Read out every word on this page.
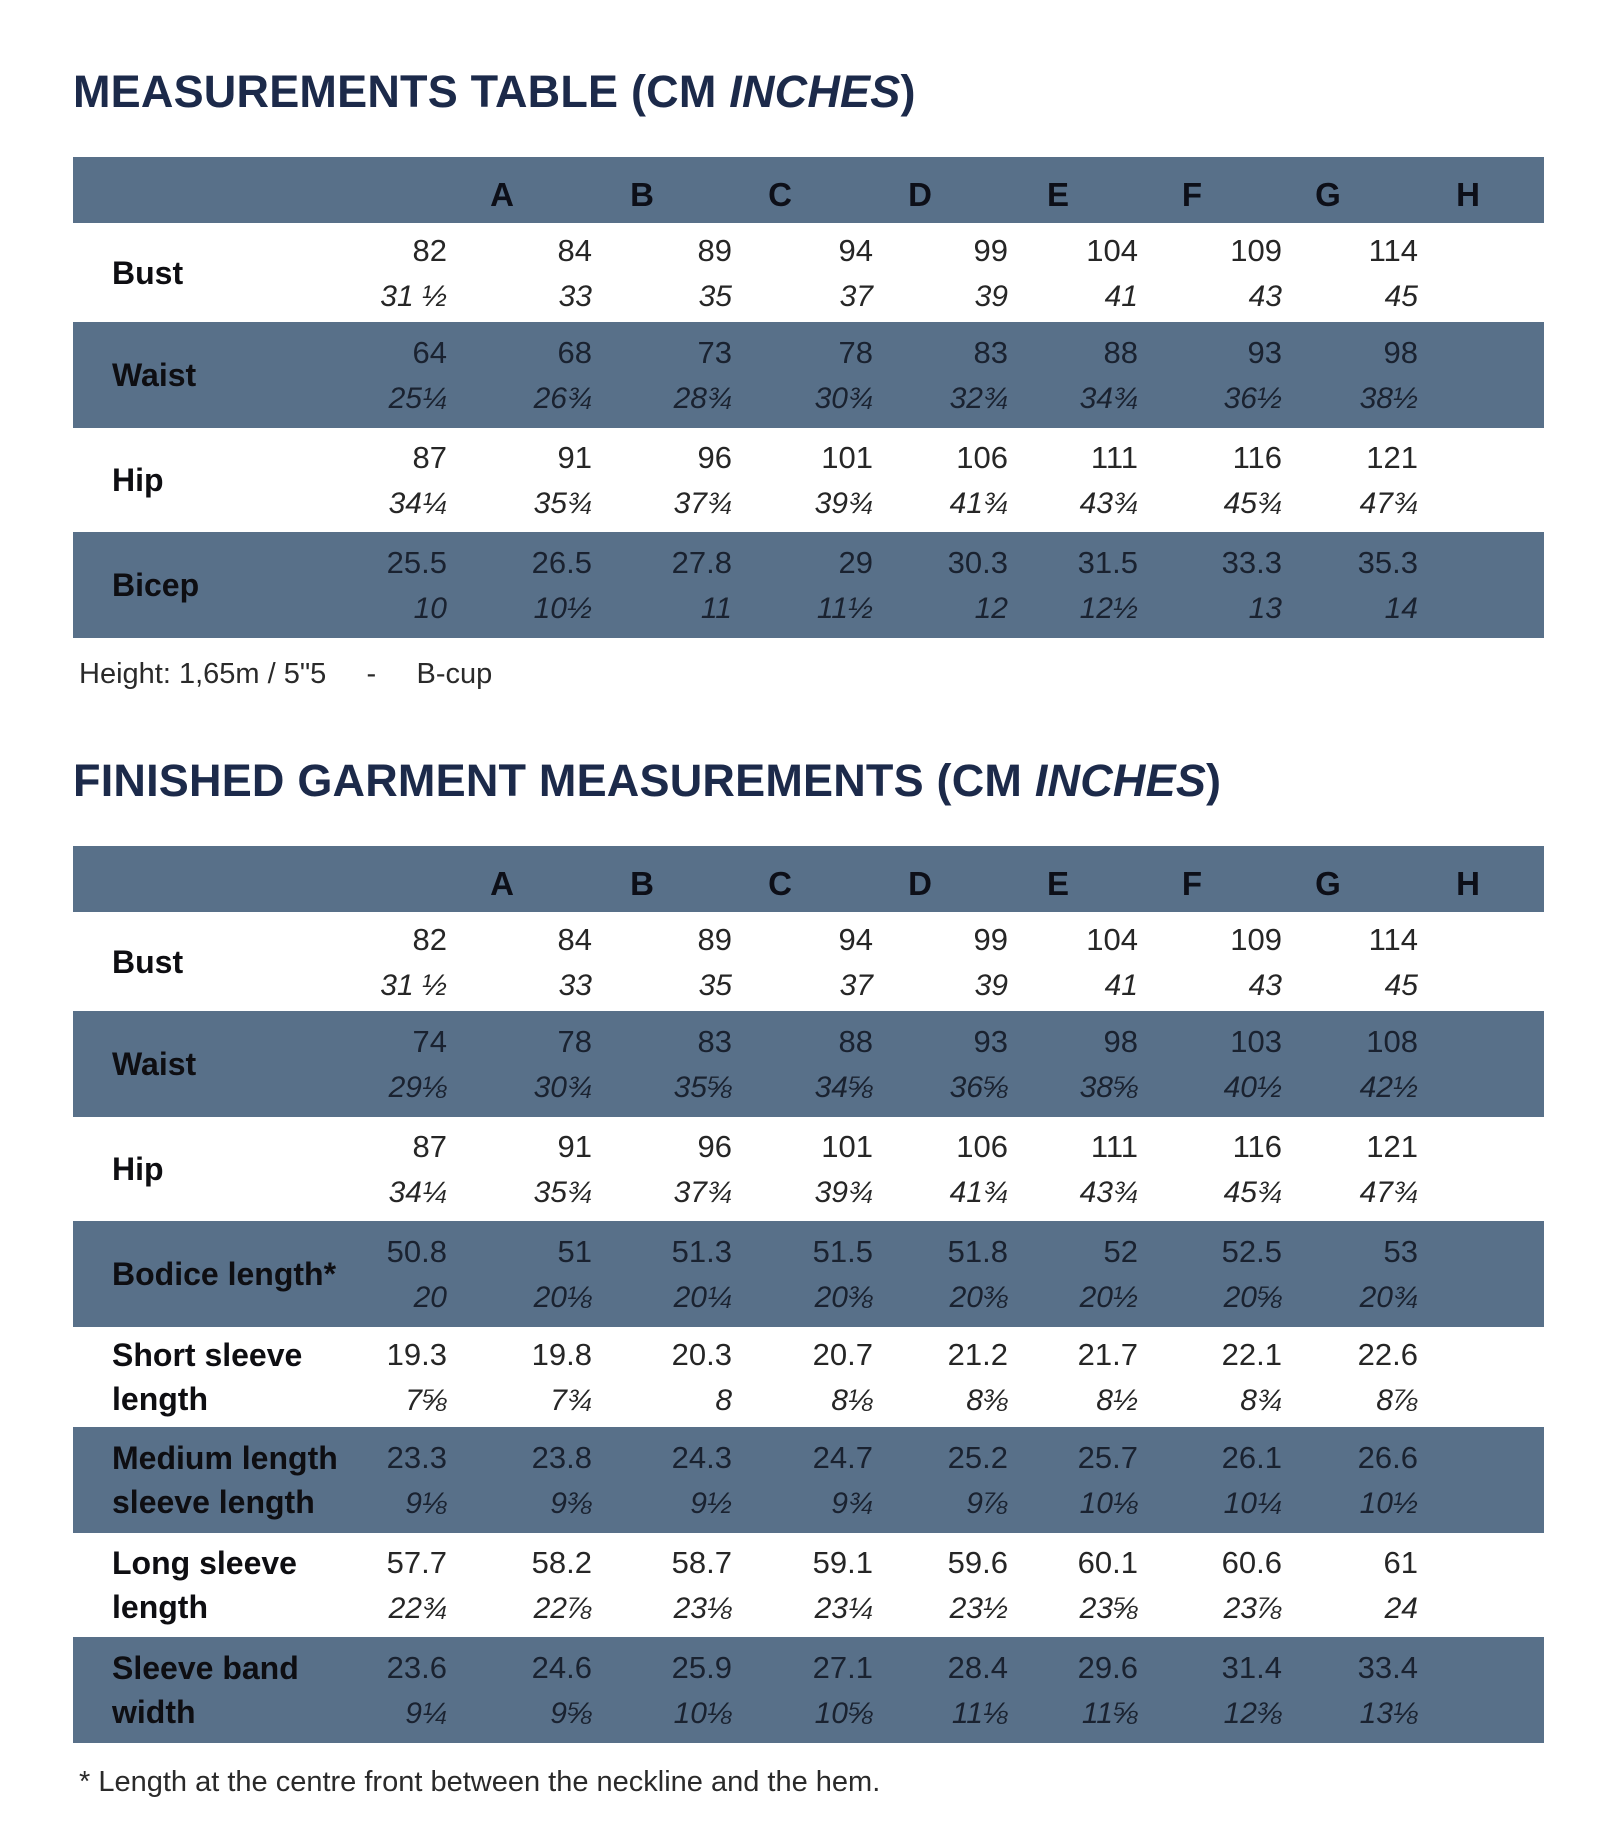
MEASUREMENTS TABLE (CM INCHES)
A	B	C	D	E	F	G	H
Bust
82	84	89	94	99	104	109	114
31 ½	33	35	37	39	41	43	45
Waist
64	68	73	78	83	88	93	98
25¼	26¾	28¾	30¾	32¾	34¾	36½	38½
Hip
87	91	96	101	106	111	116	121
34¼	35¾	37¾	39¾	41¾	43¾	45¾	47¾
Bicep
25.5	26.5	27.8	29	30.3	31.5	33.3	35.3
10	10½	11	11½	12	12½	13	14

Height: 1,65m / 5"5     -     B-cup

FINISHED GARMENT MEASUREMENTS (CM INCHES)
A	B	C	D	E	F	G	H
Bust
82	84	89	94	99	104	109	114
31 ½	33	35	37	39	41	43	45
Waist
74	78	83	88	93	98	103	108
29⅛	30¾	35⅝	34⅝	36⅝	38⅝	40½	42½
Hip
87	91	96	101	106	111	116	121
34¼	35¾	37¾	39¾	41¾	43¾	45¾	47¾
Bodice length*
50.8	51	51.3	51.5	51.8	52	52.5	53
20	20⅛	20¼	20⅜	20⅜	20½	20⅝	20¾
Short sleeve length
19.3	19.8	20.3	20.7	21.2	21.7	22.1	22.6
7⅝	7¾	8	8⅛	8⅜	8½	8¾	8⅞
Medium length sleeve length
23.3	23.8	24.3	24.7	25.2	25.7	26.1	26.6
9⅛	9⅜	9½	9¾	9⅞	10⅛	10¼	10½
Long sleeve length
57.7	58.2	58.7	59.1	59.6	60.1	60.6	61
22¾	22⅞	23⅛	23¼	23½	23⅝	23⅞	24
Sleeve band width
23.6	24.6	25.9	27.1	28.4	29.6	31.4	33.4
9¼	9⅝	10⅛	10⅝	11⅛	11⅝	12⅜	13⅛

* Length at the centre front between the neckline and the hem.
